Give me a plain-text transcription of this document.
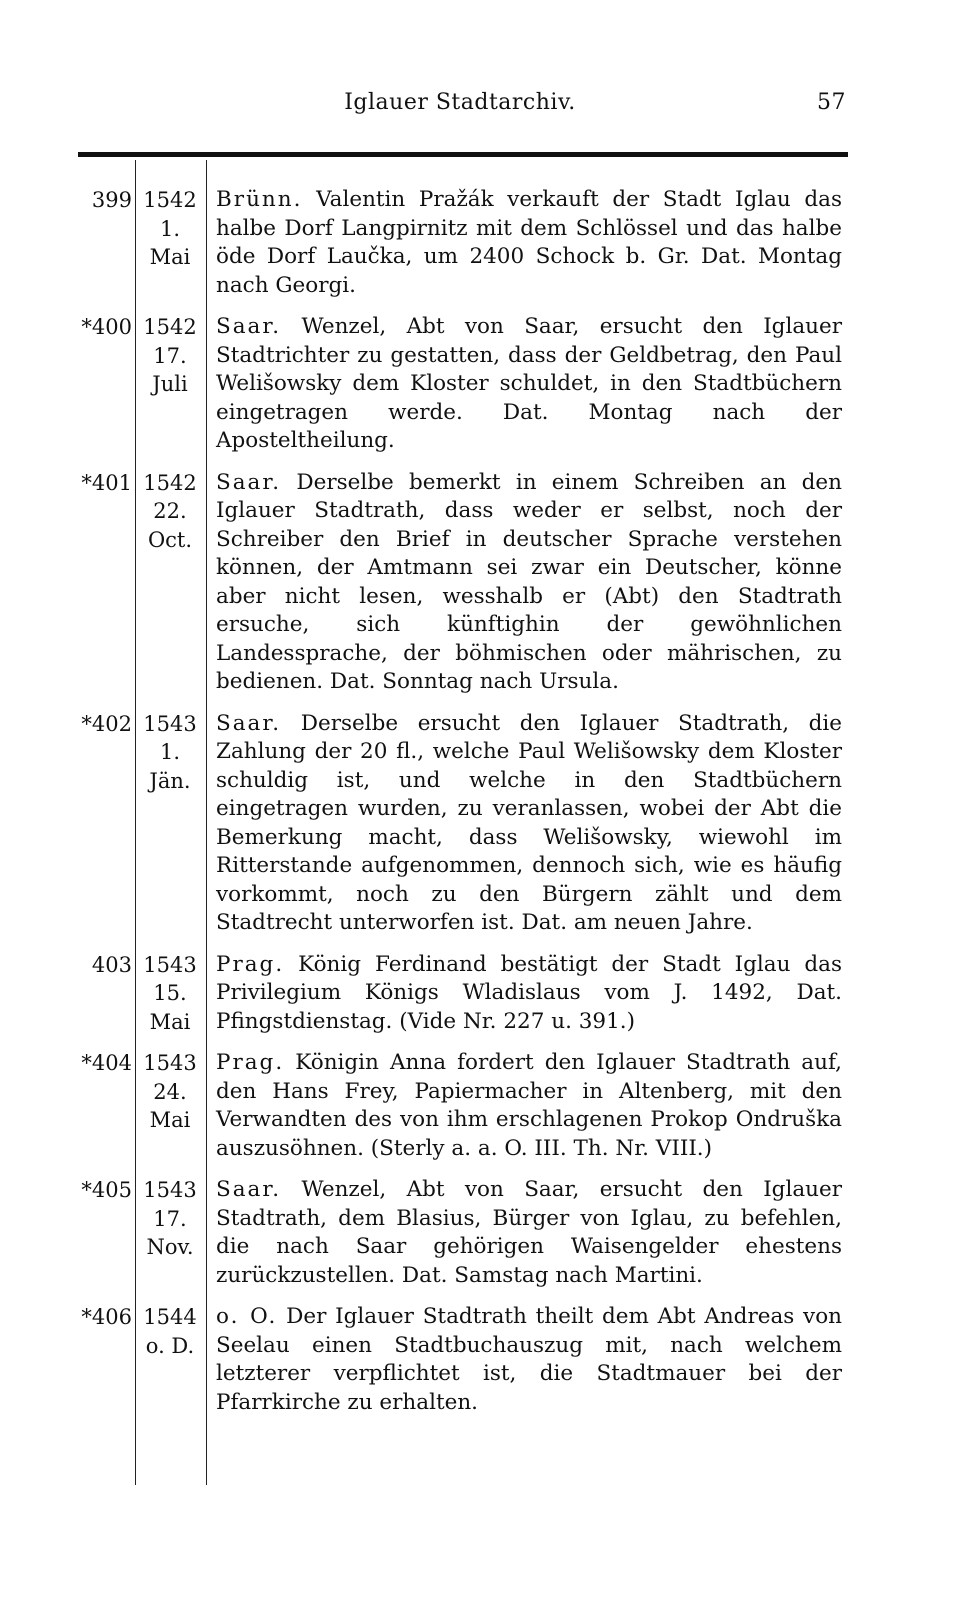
Iglauer Stadtarchiv.	57
399 1542
1.
Mai
Brünn. Valentin Pražák verkauft der Stadt Iglau das halbe Dorf Langpirnitz mit dem Schlössel und das halbe öde Dorf Laučka, um 2400 Schock b. Gr. Dat. Montag nach Georgi.
*400 1542
17.
Juli
Saar. Wenzel, Abt von Saar, ersucht den Iglauer Stadtrichter zu gestatten, dass der Geldbetrag, den Paul Welišowsky dem Kloster schuldet, in den Stadtbüchern eingetragen werde. Dat. Montag nach der Aposteltheilung.
*401 1542
22.
Oct.
Saar. Derselbe bemerkt in einem Schreiben an den Iglauer Stadtrath, dass weder er selbst, noch der Schreiber den Brief in deutscher Sprache verstehen können, der Amtmann sei zwar ein Deutscher, könne aber nicht lesen, wesshalb er (Abt) den Stadtrath ersuche, sich künftighin der gewöhnlichen Landessprache, der böhmischen oder mährischen, zu bedienen. Dat. Sonntag nach Ursula.
*402 1543
1.
Jän.
Saar. Derselbe ersucht den Iglauer Stadtrath, die Zahlung der 20 fl., welche Paul Welišowsky dem Kloster schuldig ist, und welche in den Stadtbüchern eingetragen wurden, zu veranlassen, wobei der Abt die Bemerkung macht, dass Welišowsky, wiewohl im Ritterstande aufgenommen, dennoch sich, wie es häufig vorkommt, noch zu den Bürgern zählt und dem Stadtrecht unterworfen ist. Dat. am neuen Jahre.
403 1543
15.
Mai
Prag. König Ferdinand bestätigt der Stadt Iglau das Privilegium Königs Wladislaus vom J. 1492, Dat. Pfingstdienstag. (Vide Nr. 227 u. 391.)
*404 1543
24.
Mai
Prag. Königin Anna fordert den Iglauer Stadtrath auf, den Hans Frey, Papiermacher in Altenberg, mit den Verwandten des von ihm erschlagenen Prokop Ondruška auszusöhnen. (Sterly a. a. O. III. Th. Nr. VIII.)
*405 1543
17.
Nov.
Saar. Wenzel, Abt von Saar, ersucht den Iglauer Stadtrath, dem Blasius, Bürger von Iglau, zu befehlen, die nach Saar gehörigen Waisengelder ehestens zurückzustellen. Dat. Samstag nach Martini.
*406 1544
o. D.
o. O. Der Iglauer Stadtrath theilt dem Abt Andreas von Seelau einen Stadtbuchauszug mit, nach welchem letzterer verpflichtet ist, die Stadtmauer bei der Pfarrkirche zu erhalten.
